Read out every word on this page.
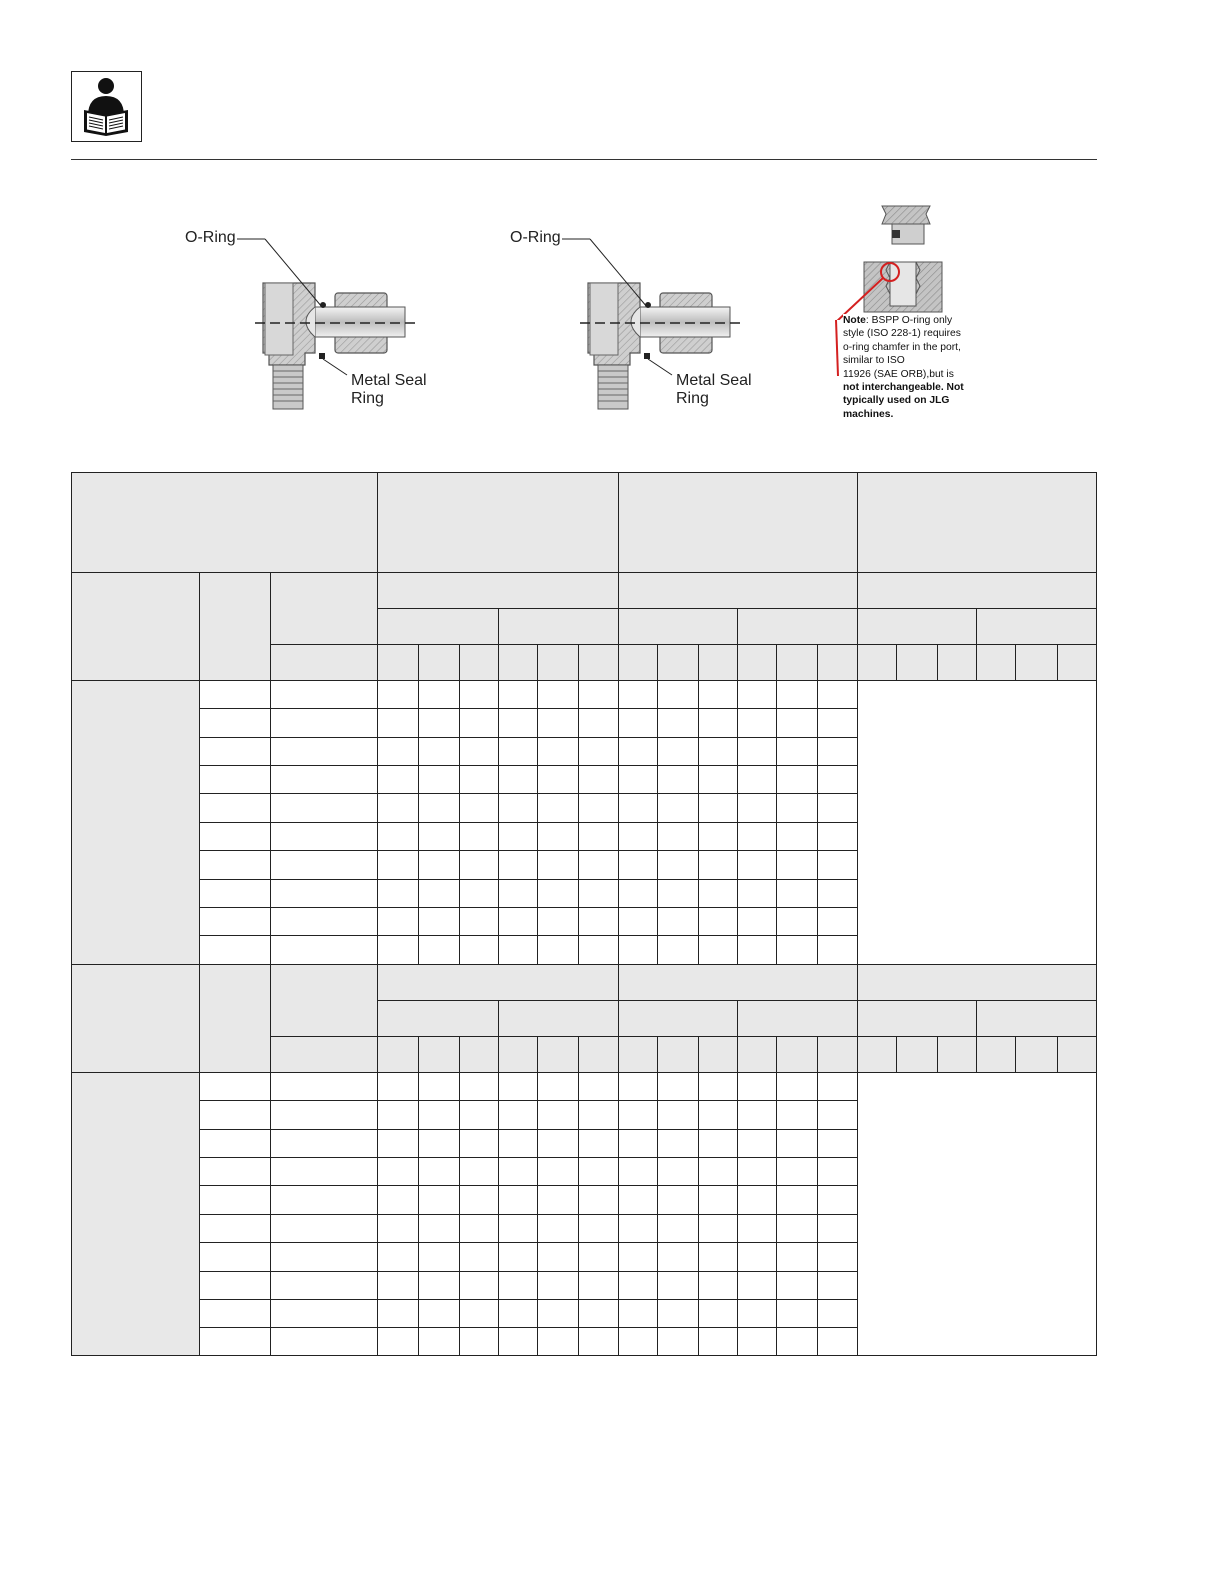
O-Ring
Metal Seal
Ring
O-Ring
Metal Seal
Ring
Note: BSPP O-ring only style (ISO 228-1) requires o-ring chamfer in the port, similar to ISO
11926 (SAE ORB),but is
not interchangeable. Not typically used on JLG machines.
